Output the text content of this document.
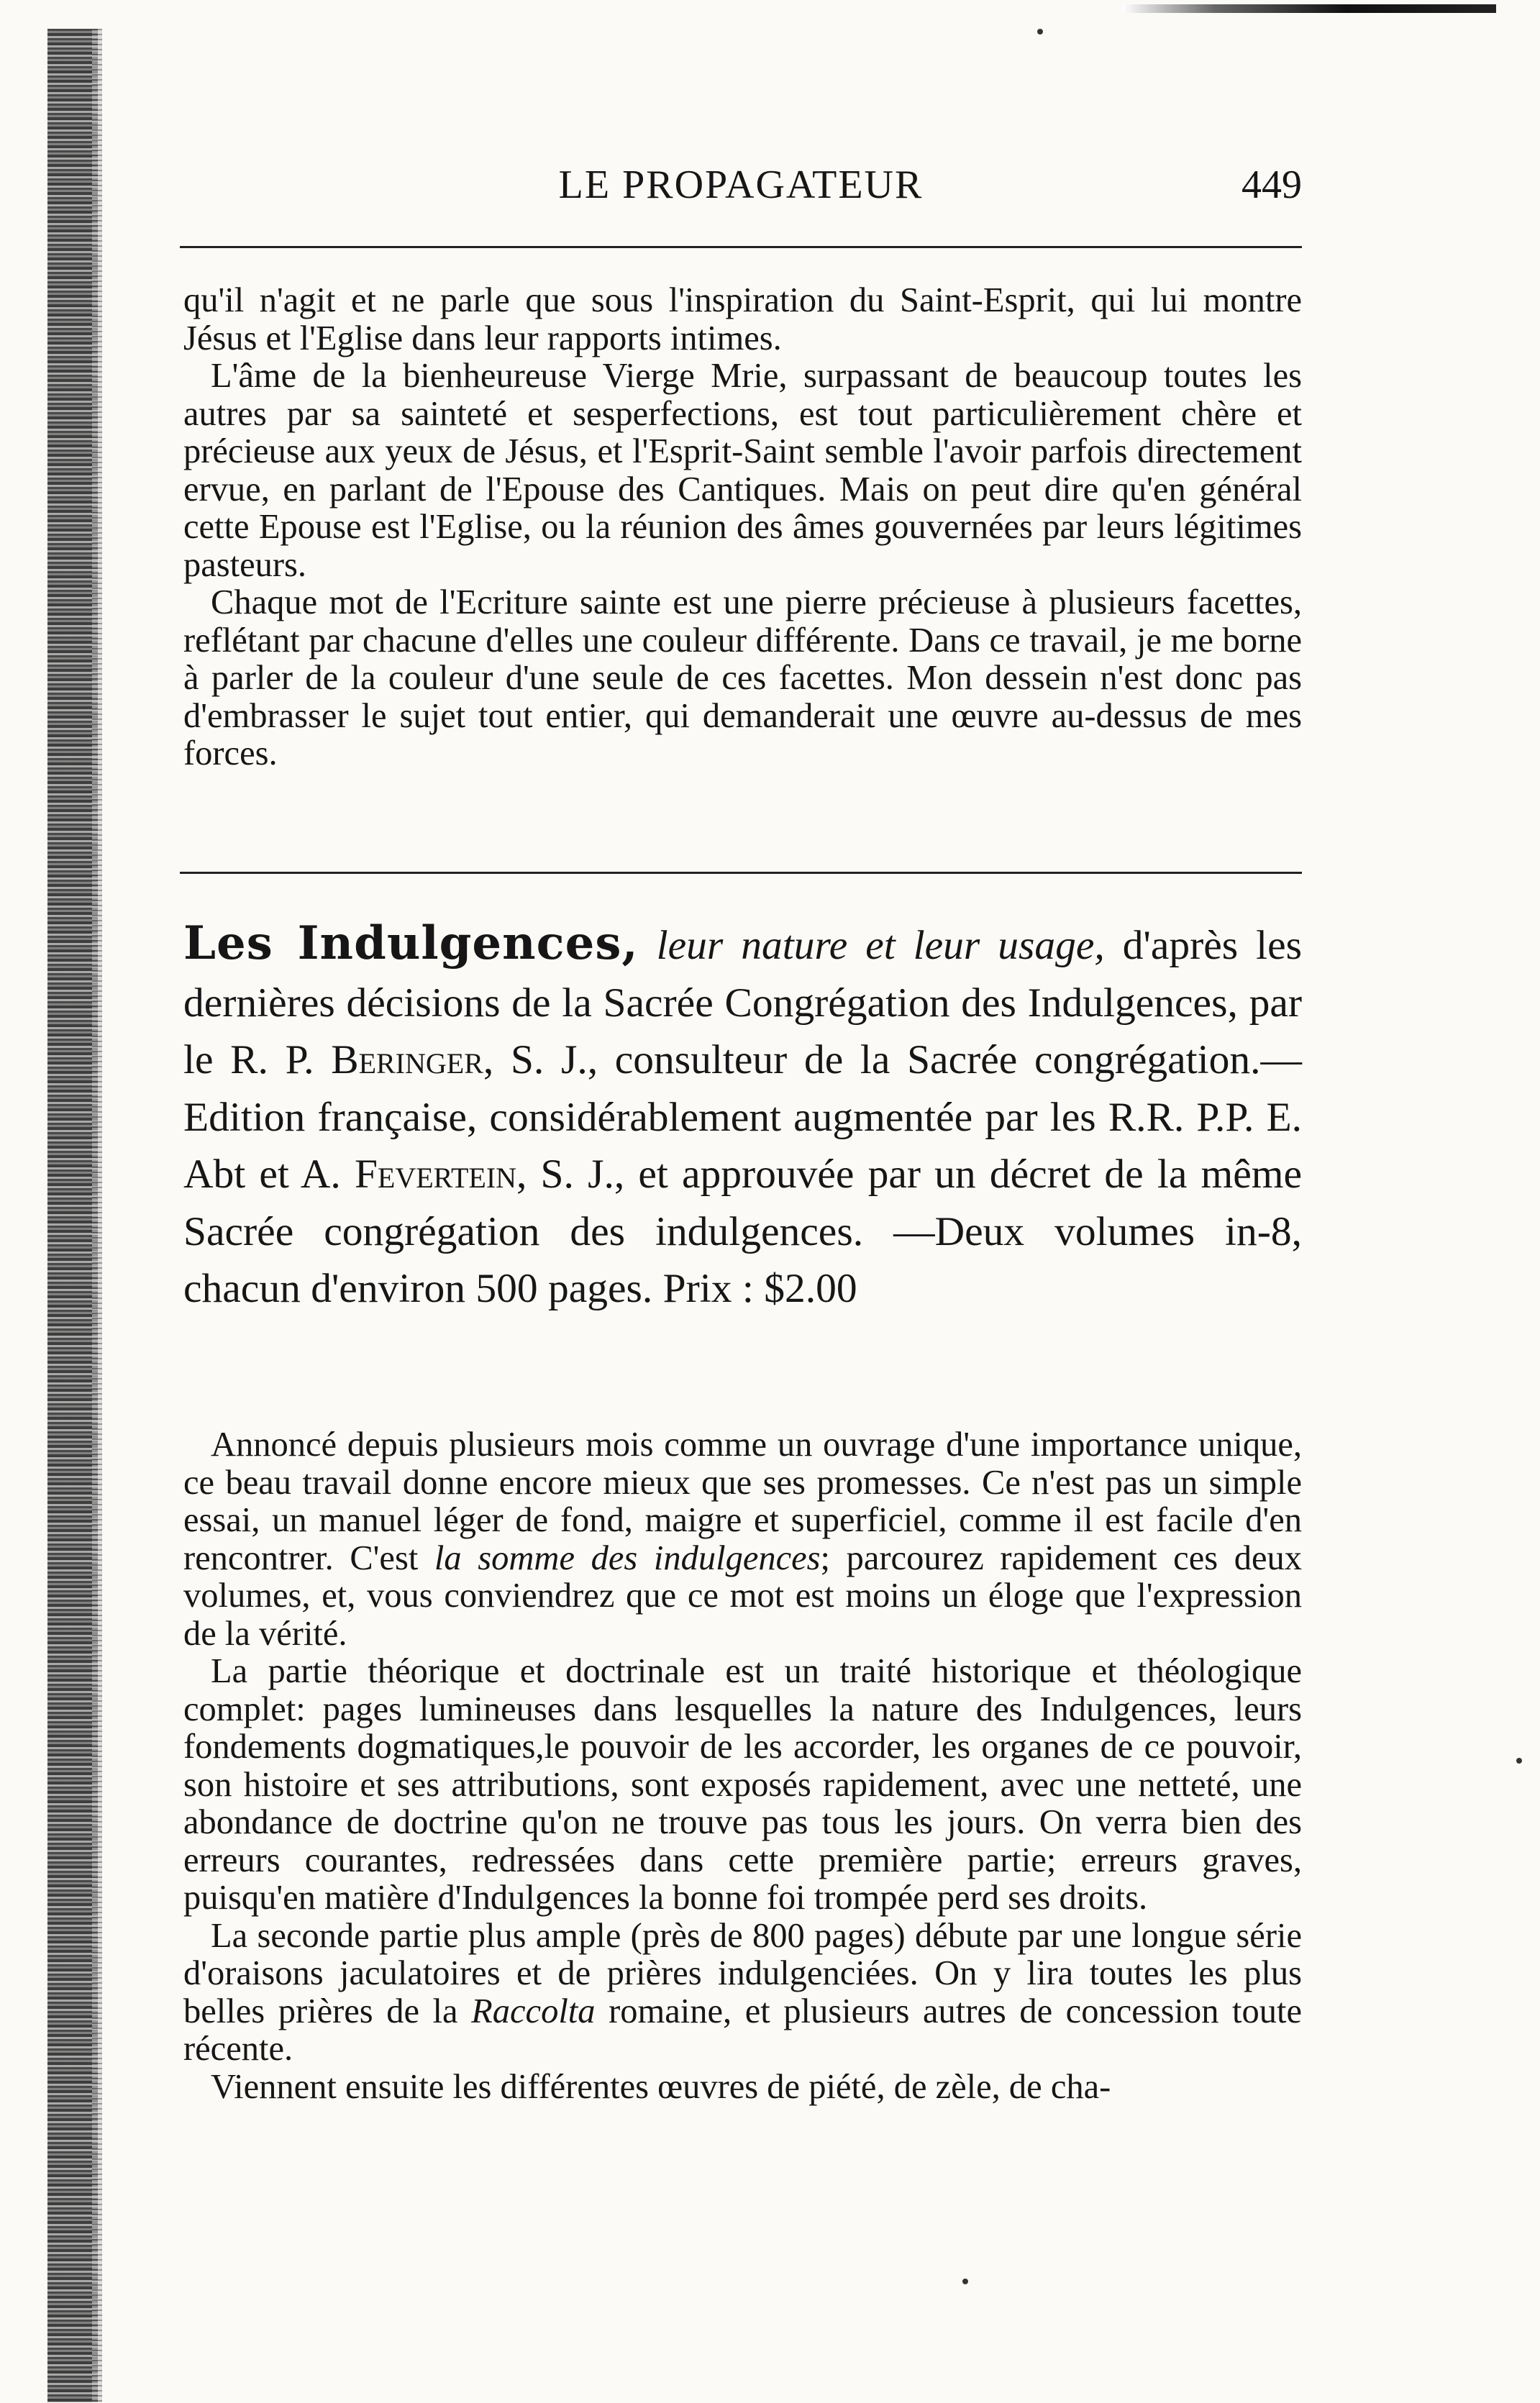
LE PROPAGATEUR	449

qu'il n'agit et ne parle que sous l'inspiration du Saint-Esprit, qui lui montre Jésus et l'Eglise dans leur rapports intimes.

L'âme de la bienheureuse Vierge Mrie, surpassant de beaucoup toutes les autres par sa sainteté et sesperfections, est tout particulièrement chère et précieuse aux yeux de Jésus, et l'Esprit-Saint semble l'avoir parfois directement ervue, en parlant de l'Epouse des Cantiques. Mais on peut dire qu'en général cette Epouse est l'Eglise, ou la réunion des âmes gouvernées par leurs légitimes pasteurs.

Chaque mot de l'Ecriture sainte est une pierre précieuse à plusieurs facettes, reflétant par chacune d'elles une couleur différente. Dans ce travail, je me borne à parler de la couleur d'une seule de ces facettes. Mon dessein n'est donc pas d'embrasser le sujet tout entier, qui demanderait une œuvre au-dessus de mes forces.

Les Indulgences, leur nature et leur usage, d'après les dernières décisions de la Sacrée Congrégation des Indulgences, par le R. P. Beringer, S. J., consulteur de la Sacrée congrégation.—Edition française, considérablement augmentée par les R.R. P.P. E. Abt et A. Fevertein, S. J., et approuvée par un décret de la même Sacrée congrégation des indulgences. —Deux volumes in-8, chacun d'environ 500 pages. Prix : $2.00

Annoncé depuis plusieurs mois comme un ouvrage d'une importance unique, ce beau travail donne encore mieux que ses promesses. Ce n'est pas un simple essai, un manuel léger de fond, maigre et superficiel, comme il est facile d'en rencontrer. C'est la somme des indulgences; parcourez rapidement ces deux volumes, et, vous conviendrez que ce mot est moins un éloge que l'expression de la vérité.

La partie théorique et doctrinale est un traité historique et théologique complet: pages lumineuses dans lesquelles la nature des Indulgences, leurs fondements dogmatiques,le pouvoir de les accorder, les organes de ce pouvoir, son histoire et ses attributions, sont exposés rapidement, avec une netteté, une abondance de doctrine qu'on ne trouve pas tous les jours. On verra bien des erreurs courantes, redressées dans cette première partie; erreurs graves, puisqu'en matière d'Indulgences la bonne foi trompée perd ses droits.

La seconde partie plus ample (près de 800 pages) débute par une longue série d'oraisons jaculatoires et de prières indulgenciées. On y lira toutes les plus belles prières de la Raccolta romaine, et plusieurs autres de concession toute récente.

Viennent ensuite les différentes œuvres de piété, de zèle, de cha-
